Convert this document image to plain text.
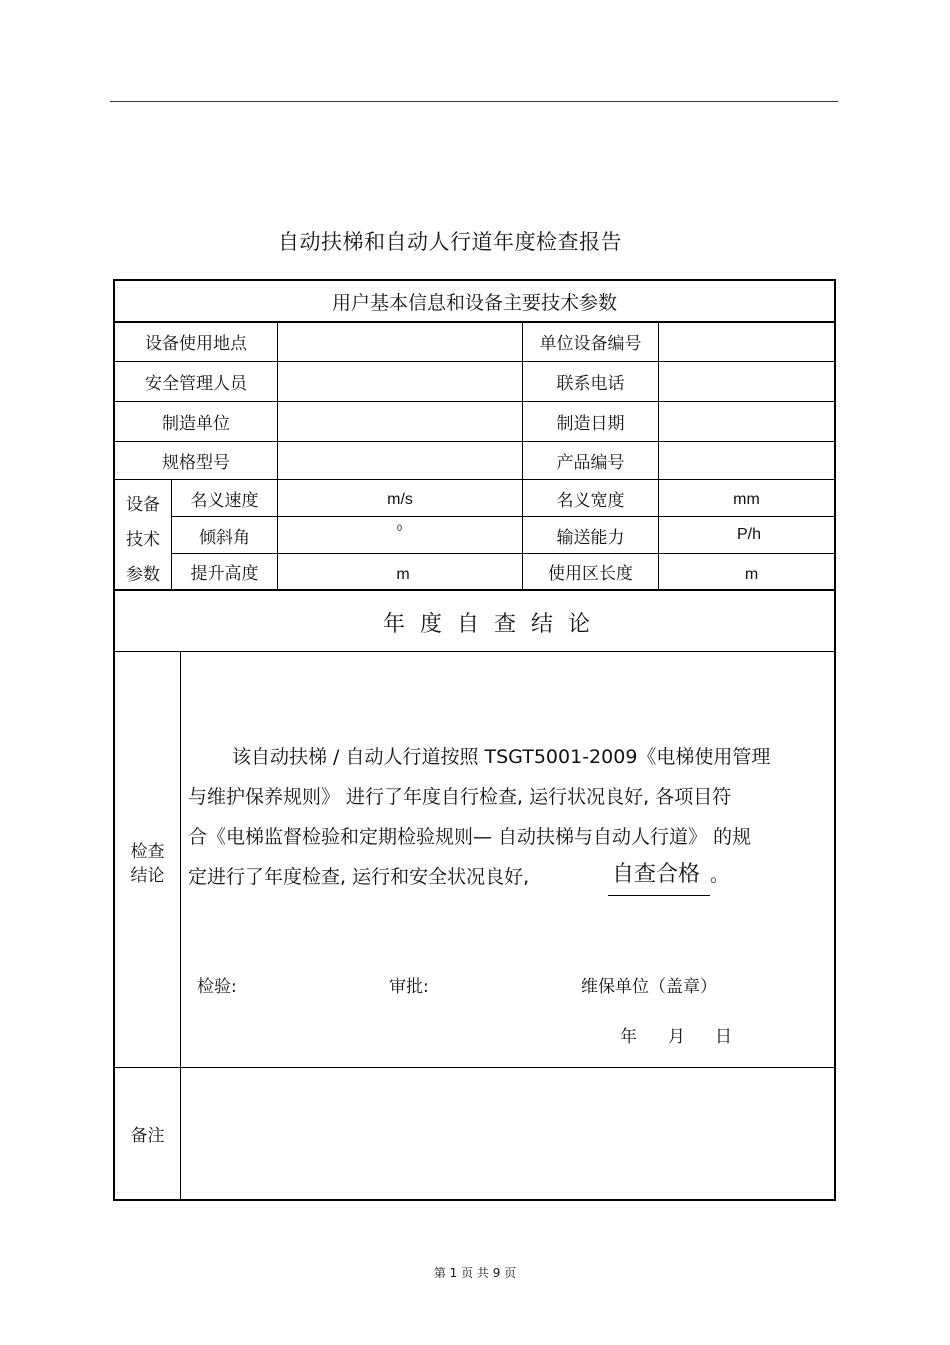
自动扶梯和自动人行道年度检查报告
用户基本信息和设备主要技术参数
设备使用地点	单位设备编号
安全管理人员	联系电话
制造单位	制造日期
规格型号	产品编号
设备
技术
参数
名义速度	m/s	名义宽度	mm
倾斜角	0	输送能力	P/h
提升高度	m	使用区长度	m
年 度 自 查 结 论
检查
结论
该自动扶梯 / 自动人行道按照 TSGT5001-2009《电梯使用管理
与维护保养规则》 进行了年度自行检查, 运行状况良好, 各项目符
合《电梯监督检验和定期检验规则— 自动扶梯与自动人行道》 的规
定进行了年度检查, 运行和安全状况良好,	自查合格 。
检验:	审批:	维保单位（盖章）
年 月 日
备注
第 1 页 共 9 页
